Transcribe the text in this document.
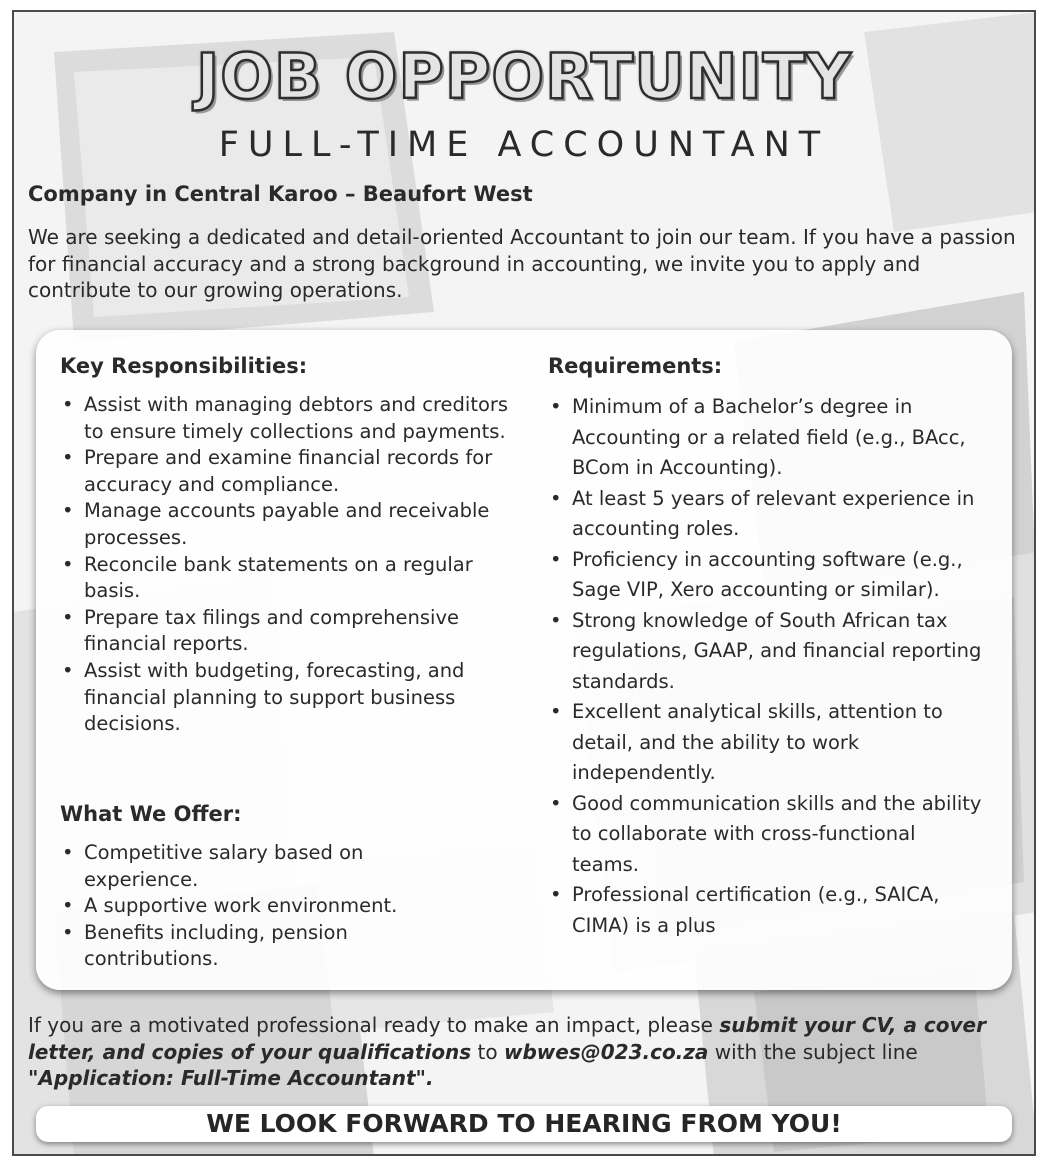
JOB OPPORTUNITY
FULL-TIME ACCOUNTANT
Company in Central Karoo – Beaufort West
We are seeking a dedicated and detail-oriented Accountant to join our team. If you have a passion for financial accuracy and a strong background in accounting, we invite you to apply and contribute to our growing operations.
Key Responsibilities:
• Assist with managing debtors and creditors to ensure timely collections and payments.
• Prepare and examine financial records for accuracy and compliance.
• Manage accounts payable and receivable processes.
• Reconcile bank statements on a regular basis.
• Prepare tax filings and comprehensive financial reports.
• Assist with budgeting, forecasting, and financial planning to support business decisions.
What We Offer:
• Competitive salary based on experience.
• A supportive work environment.
• Benefits including, pension contributions.
Requirements:
• Minimum of a Bachelor’s degree in Accounting or a related field (e.g., BAcc, BCom in Accounting).
• At least 5 years of relevant experience in accounting roles.
• Proficiency in accounting software (e.g., Sage VIP, Xero accounting or similar).
• Strong knowledge of South African tax regulations, GAAP, and financial reporting standards.
• Excellent analytical skills, attention to detail, and the ability to work independently.
• Good communication skills and the ability to collaborate with cross-functional teams.
• Professional certification (e.g., SAICA, CIMA) is a plus
If you are a motivated professional ready to make an impact, please submit your CV, a cover letter, and copies of your qualifications to wbwes@023.co.za with the subject line "Application: Full-Time Accountant".
WE LOOK FORWARD TO HEARING FROM YOU!
